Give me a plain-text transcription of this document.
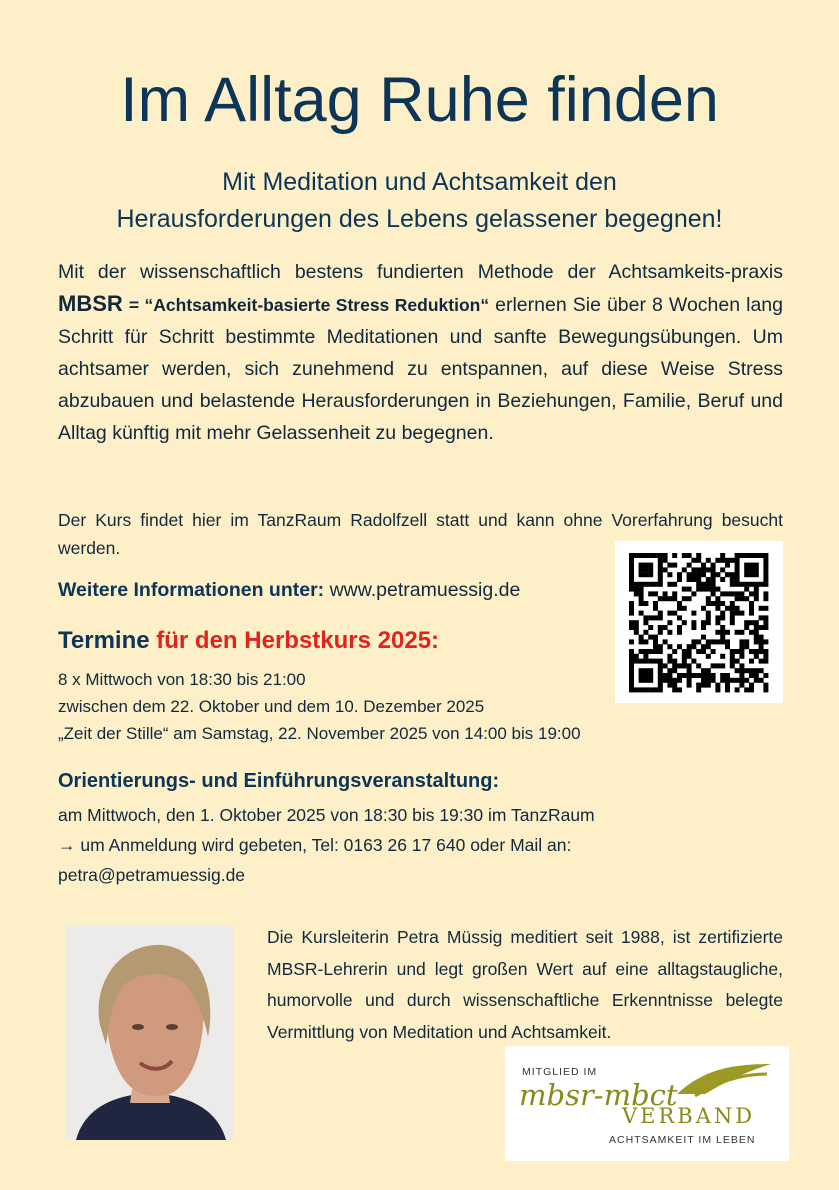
Im Alltag Ruhe finden
Mit Meditation und Achtsamkeit den
Herausforderungen des Lebens gelassener begegnen!

Mit der wissenschaftlich bestens fundierten Methode der Achtsamkeits-praxis MBSR = “Achtsamkeit-basierte Stress Reduktion“ erlernen Sie über 8 Wochen lang Schritt für Schritt bestimmte Meditationen und sanfte Bewegungsübungen. Um achtsamer werden, sich zunehmend zu entspannen, auf diese Weise Stress abzubauen und belastende Herausforderungen in Beziehungen, Familie, Beruf und Alltag künftig mit mehr Gelassenheit zu begegnen.

Der Kurs findet hier im TanzRaum Radolfzell statt und kann ohne Vorerfahrung besucht werden.

Weitere Informationen unter: www.petramuessig.de

Termine für den Herbstkurs 2025:
8 x Mittwoch von 18:30 bis 21:00
zwischen dem 22. Oktober und dem 10. Dezember 2025
„Zeit der Stille“ am Samstag, 22. November 2025 von 14:00 bis 19:00
Orientierungs- und Einführungsveranstaltung:

am Mittwoch, den 1. Oktober 2025 von 18:30 bis 19:30 im TanzRaum
→ um Anmeldung wird gebeten, Tel: 0163 26 17 640 oder Mail an:
petra@petramuessig.de

Die Kursleiterin Petra Müssig meditiert seit 1988, ist zertifizierte MBSR-Lehrerin und legt großen Wert auf eine alltagstaugliche, humorvolle und durch wissenschaftliche Erkenntnisse belegte Vermittlung von Meditation und Achtsamkeit.

MITGLIED IM
mbsr-mbct
VERBAND
ACHTSAMKEIT IM LEBEN
